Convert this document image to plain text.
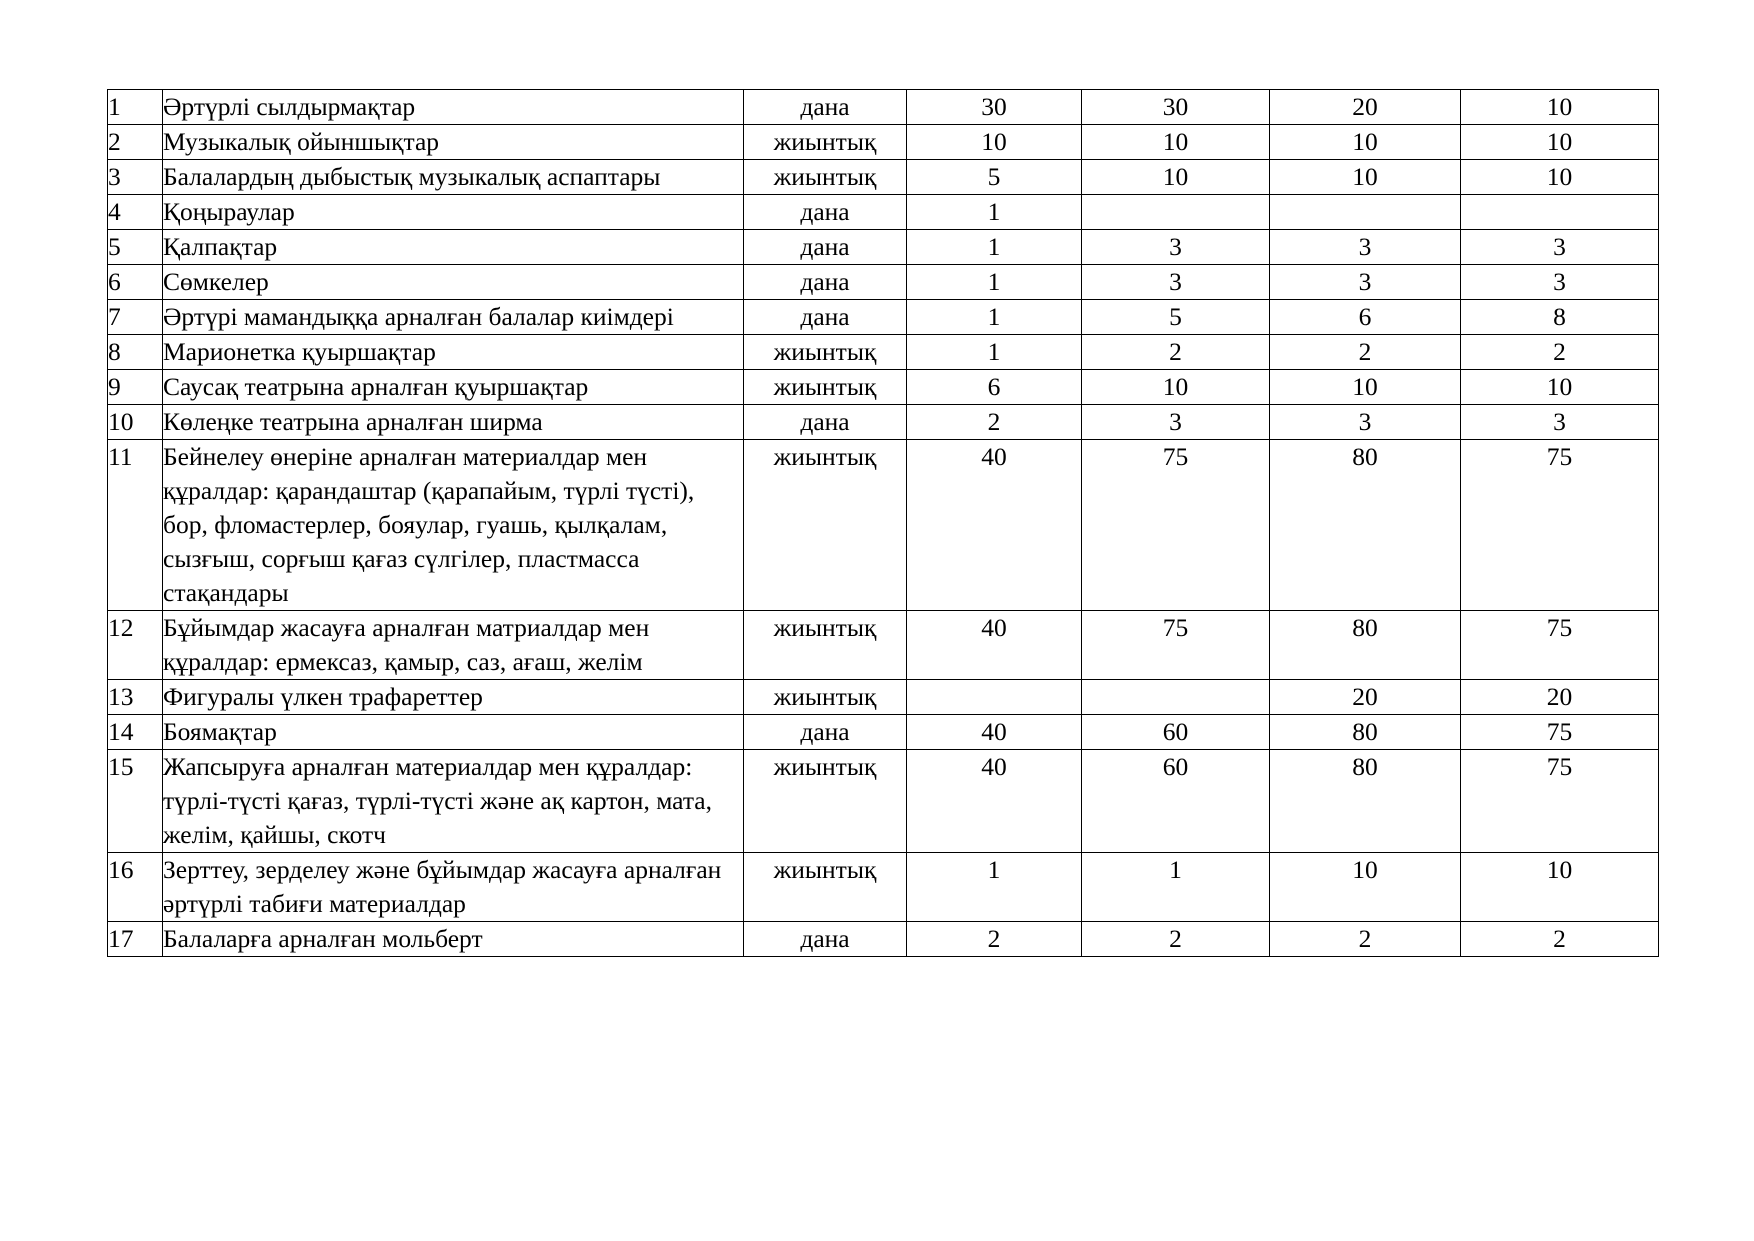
1	Әртүрлі сылдырмақтар	дана	30	30	20	10
2	Музыкалық ойыншықтар	жиынтық	10	10	10	10
3	Балалардың дыбыстық музыкалық аспаптары	жиынтық	5	10	10	10
4	Қоңыраулар	дана	1			
5	Қалпақтар	дана	1	3	3	3
6	Сөмкелер	дана	1	3	3	3
7	Әртүрі мамандыққа арналған балалар киімдері	дана	1	5	6	8
8	Марионетка қуыршақтар	жиынтық	1	2	2	2
9	Саусақ театрына арналған қуыршақтар	жиынтық	6	10	10	10
10	Көлеңке театрына арналған ширма	дана	2	3	3	3
11	Бейнелеу өнеріне арналған материалдар мен құралдар: қарандаштар (қарапайым, түрлі түсті), бор, фломастерлер, бояулар, гуашь, қылқалам, сызғыш, сорғыш қағаз сүлгілер, пластмасса стақандары	жиынтық	40	75	80	75
12	Бұйымдар жасауға арналған матриалдар мен құралдар: ермексаз, қамыр, саз, ағаш, желім	жиынтық	40	75	80	75
13	Фигуралы үлкен трафареттер	жиынтық			20	20
14	Боямақтар	дана	40	60	80	75
15	Жапсыруға арналған материалдар мен құралдар: түрлі-түсті қағаз, түрлі-түсті және ақ картон, мата, желім, қайшы, скотч	жиынтық	40	60	80	75
16	Зерттеу, зерделеу және бұйымдар жасауға арналған әртүрлі табиғи материалдар	жиынтық	1	1	10	10
17	Балаларға арналған мольберт	дана	2	2	2	2
